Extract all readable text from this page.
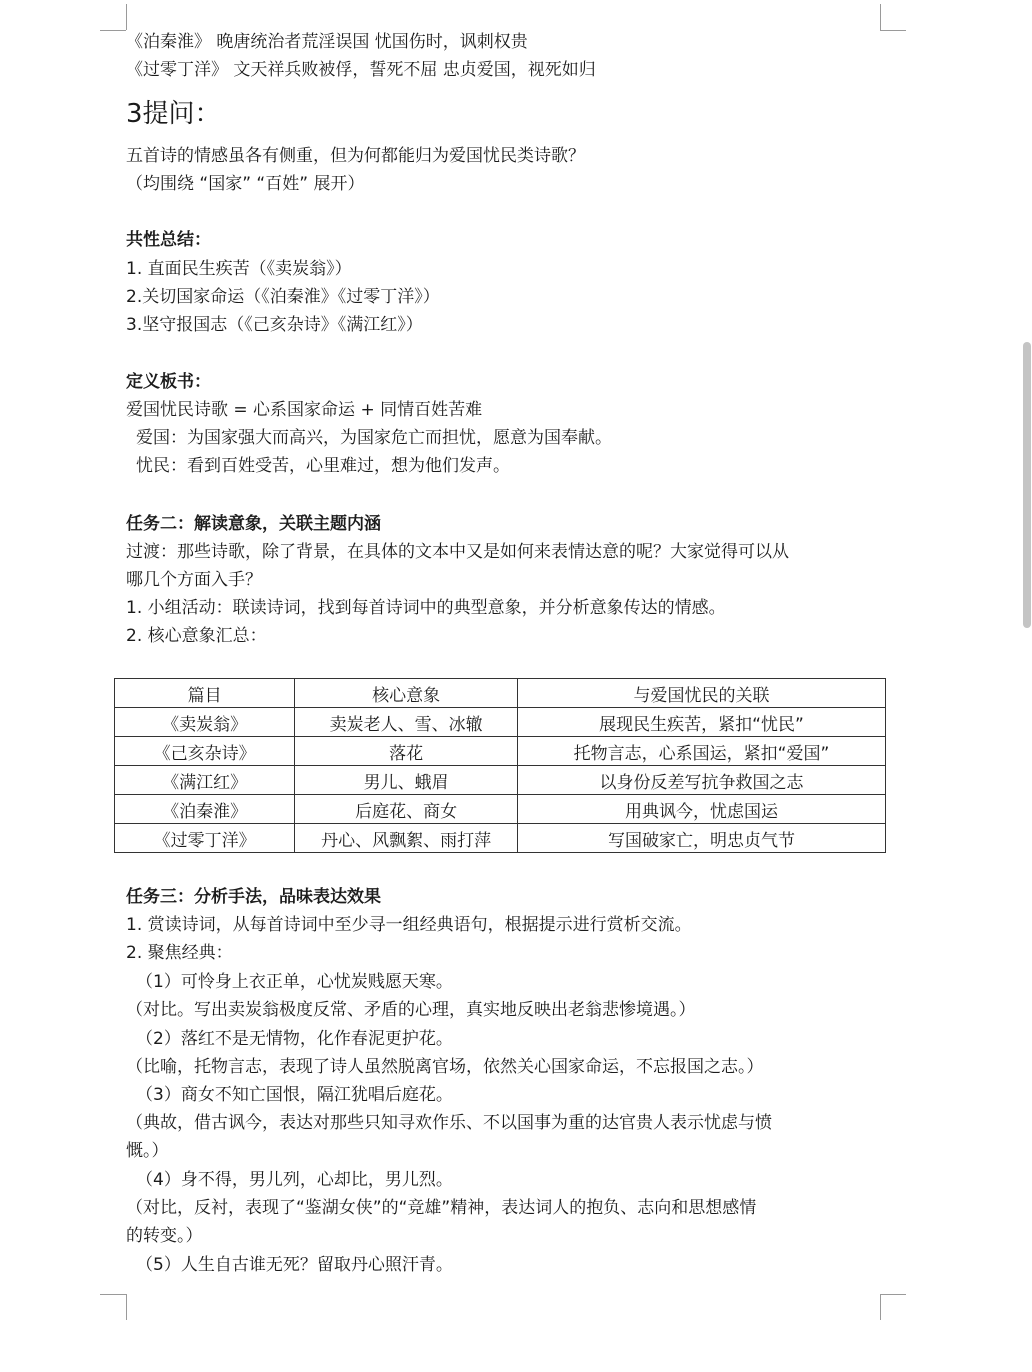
《泊秦淮》 晚唐统治者荒淫误国 忧国伤时，讽刺权贵
《过零丁洋》 文天祥兵败被俘，誓死不屈 忠贞爱国，视死如归
3提问：
五首诗的情感虽各有侧重，但为何都能归为爱国忧民类诗歌？
（均围绕 “国家” “百姓” 展开）
共性总结：
1. 直面民生疾苦（《卖炭翁》）
2.关切国家命运（《泊秦淮》《过零丁洋》）
3.坚守报国志（《己亥杂诗》《满江红》）
定义板书：
爱国忧民诗歌 = 心系国家命运 + 同情百姓苦难
爱国：为国家强大而高兴，为国家危亡而担忧，愿意为国奉献。
忧民：看到百姓受苦，心里难过，想为他们发声。
任务二：解读意象，关联主题内涵
过渡：那些诗歌，除了背景，在具体的文本中又是如何来表情达意的呢？大家觉得可以从
哪几个方面入手？
1. 小组活动：联读诗词，找到每首诗词中的典型意象，并分析意象传达的情感。
2. 核心意象汇总：
篇目	核心意象	与爱国忧民的关联
《卖炭翁》	卖炭老人、雪、冰辙	展现民生疾苦，紧扣“忧民”
《己亥杂诗》	落花	托物言志，心系国运，紧扣“爱国”
《满江红》	男儿、蛾眉	以身份反差写抗争救国之志
《泊秦淮》	后庭花、商女	用典讽今，忧虑国运
《过零丁洋》	丹心、风飘絮、雨打萍	写国破家亡，明忠贞气节
任务三：分析手法，品味表达效果
1. 赏读诗词，从每首诗词中至少寻一组经典语句，根据提示进行赏析交流。
2. 聚焦经典：
（1）可怜身上衣正单，心忧炭贱愿天寒。
（对比。写出卖炭翁极度反常、矛盾的心理，真实地反映出老翁悲惨境遇。）
（2）落红不是无情物，化作春泥更护花。
（比喻，托物言志，表现了诗人虽然脱离官场，依然关心国家命运，不忘报国之志。）
（3）商女不知亡国恨，隔江犹唱后庭花。
（典故，借古讽今，表达对那些只知寻欢作乐、不以国事为重的达官贵人表示忧虑与愤
慨。）
（4）身不得，男儿列，心却比，男儿烈。
（对比，反衬，表现了“鉴湖女侠”的“竞雄”精神，表达词人的抱负、志向和思想感情
的转变。）
（5）人生自古谁无死？留取丹心照汗青。
